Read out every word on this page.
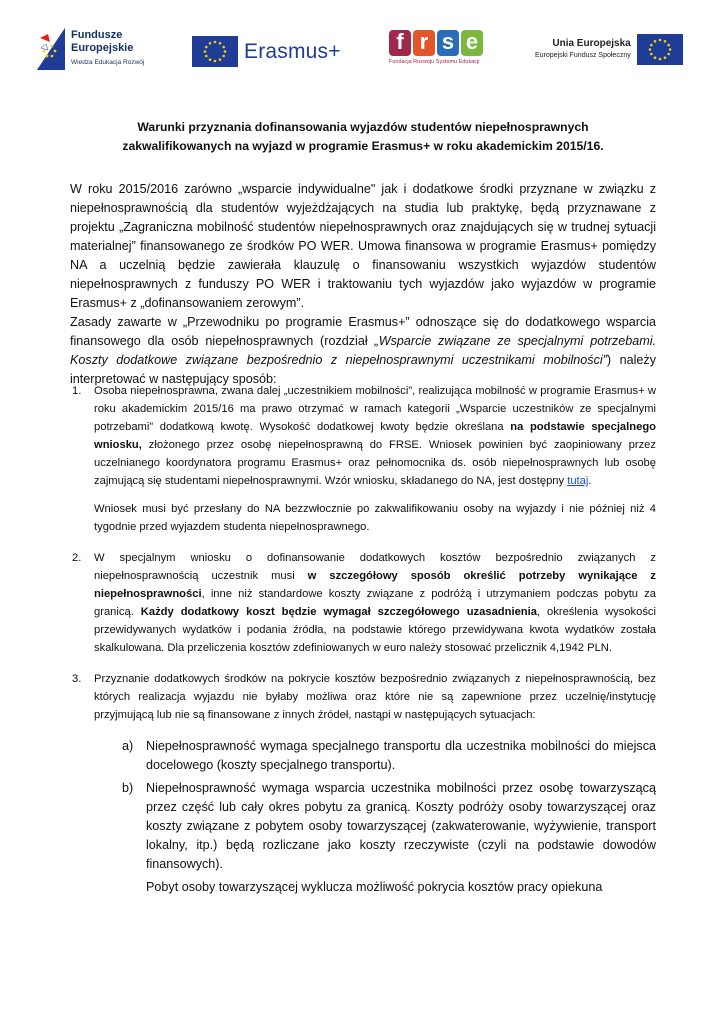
Fundusze
Europejskie
Wiedza Edukacja Rozwój	Erasmus+	f r s e
Fundacja Rozwoju Systemu Edukacji
Unia Europejska
Europejski Fundusz Społeczny
Warunki przyznania dofinansowania wyjazdów studentów niepełnosprawnych
zakwalifikowanych na wyjazd w programie Erasmus+ w roku akademickim 2015/16.

W roku 2015/2016 zarówno „wsparcie indywidualne" jak i dodatkowe środki przyznane w związku z niepełnosprawnością dla studentów wyjeżdżających na studia lub praktykę, będą przyznawane z projektu „Zagraniczna mobilność studentów niepełnosprawnych oraz znajdujących się w trudnej sytuacji materialnej” finansowanego ze środków PO WER. Umowa finansowa w programie Erasmus+ pomiędzy NA a uczelnią będzie zawierała klauzulę o finansowaniu wszystkich wyjazdów studentów niepełnosprawnych z funduszy PO WER i traktowaniu tych wyjazdów jako wyjazdów w programie Erasmus+ z „dofinansowaniem zerowym”.

Zasady zawarte w „Przewodniku po programie Erasmus+” odnoszące się do dodatkowego wsparcia finansowego dla osób niepełnosprawnych (rozdział „Wsparcie związane ze specjalnymi potrzebami. Koszty dodatkowe związane bezpośrednio z niepełnosprawnymi uczestnikami mobilności”) należy interpretować w następujący sposób:

1. Osoba niepełnosprawna, zwana dalej „uczestnikiem mobilności”, realizująca mobilność w programie Erasmus+ w roku akademickim 2015/16 ma prawo otrzymać w ramach kategorii „Wsparcie uczestników ze specjalnymi potrzebami” dodatkową kwotę. Wysokość dodatkowej kwoty będzie określana na podstawie specjalnego wniosku, złożonego przez osobę niepełnosprawną do FRSE. Wniosek powinien być zaopiniowany przez uczelnianego koordynatora programu Erasmus+ oraz pełnomocnika ds. osób niepełnosprawnych lub osobę zajmującą się studentami niepełnosprawnymi. Wzór wniosku, składanego do NA, jest dostępny tutaj.

Wniosek musi być przesłany do NA bezzwłocznie po zakwalifikowaniu osoby na wyjazdy i nie później niż 4 tygodnie przed wyjazdem studenta niepełnosprawnego.

2. W specjalnym wniosku o dofinansowanie dodatkowych kosztów bezpośrednio związanych z niepełnosprawnością uczestnik musi w szczegółowy sposób określić potrzeby wynikające z niepełnosprawności, inne niż standardowe koszty związane z podróżą i utrzymaniem podczas pobytu za granicą. Każdy dodatkowy koszt będzie wymagał szczegółowego uzasadnienia, określenia wysokości przewidywanych wydatków i podania źródła, na podstawie którego przewidywana kwota wydatków została skalkulowana. Dla przeliczenia kosztów zdefiniowanych w euro należy stosować przelicznik 4,1942 PLN.

3. Przyznanie dodatkowych środków na pokrycie kosztów bezpośrednio związanych z niepełnosprawnością, bez których realizacja wyjazdu nie byłaby możliwa oraz które nie są zapewnione przez uczelnię/instytucję przyjmującą lub nie są finansowane z innych źródeł, nastąpi w następujących sytuacjach:

a) Niepełnosprawność wymaga specjalnego transportu dla uczestnika mobilności do miejsca docelowego (koszty specjalnego transportu).
b) Niepełnosprawność wymaga wsparcia uczestnika mobilności przez osobę towarzyszącą przez część lub cały okres pobytu za granicą. Koszty podróży osoby towarzyszącej oraz koszty związane z pobytem osoby towarzyszącej (zakwaterowanie, wyżywienie, transport lokalny, itp.) będą rozliczane jako koszty rzeczywiste (czyli na podstawie dowodów finansowych).
Pobyt osoby towarzyszącej wyklucza możliwość pokrycia kosztów pracy opiekuna
